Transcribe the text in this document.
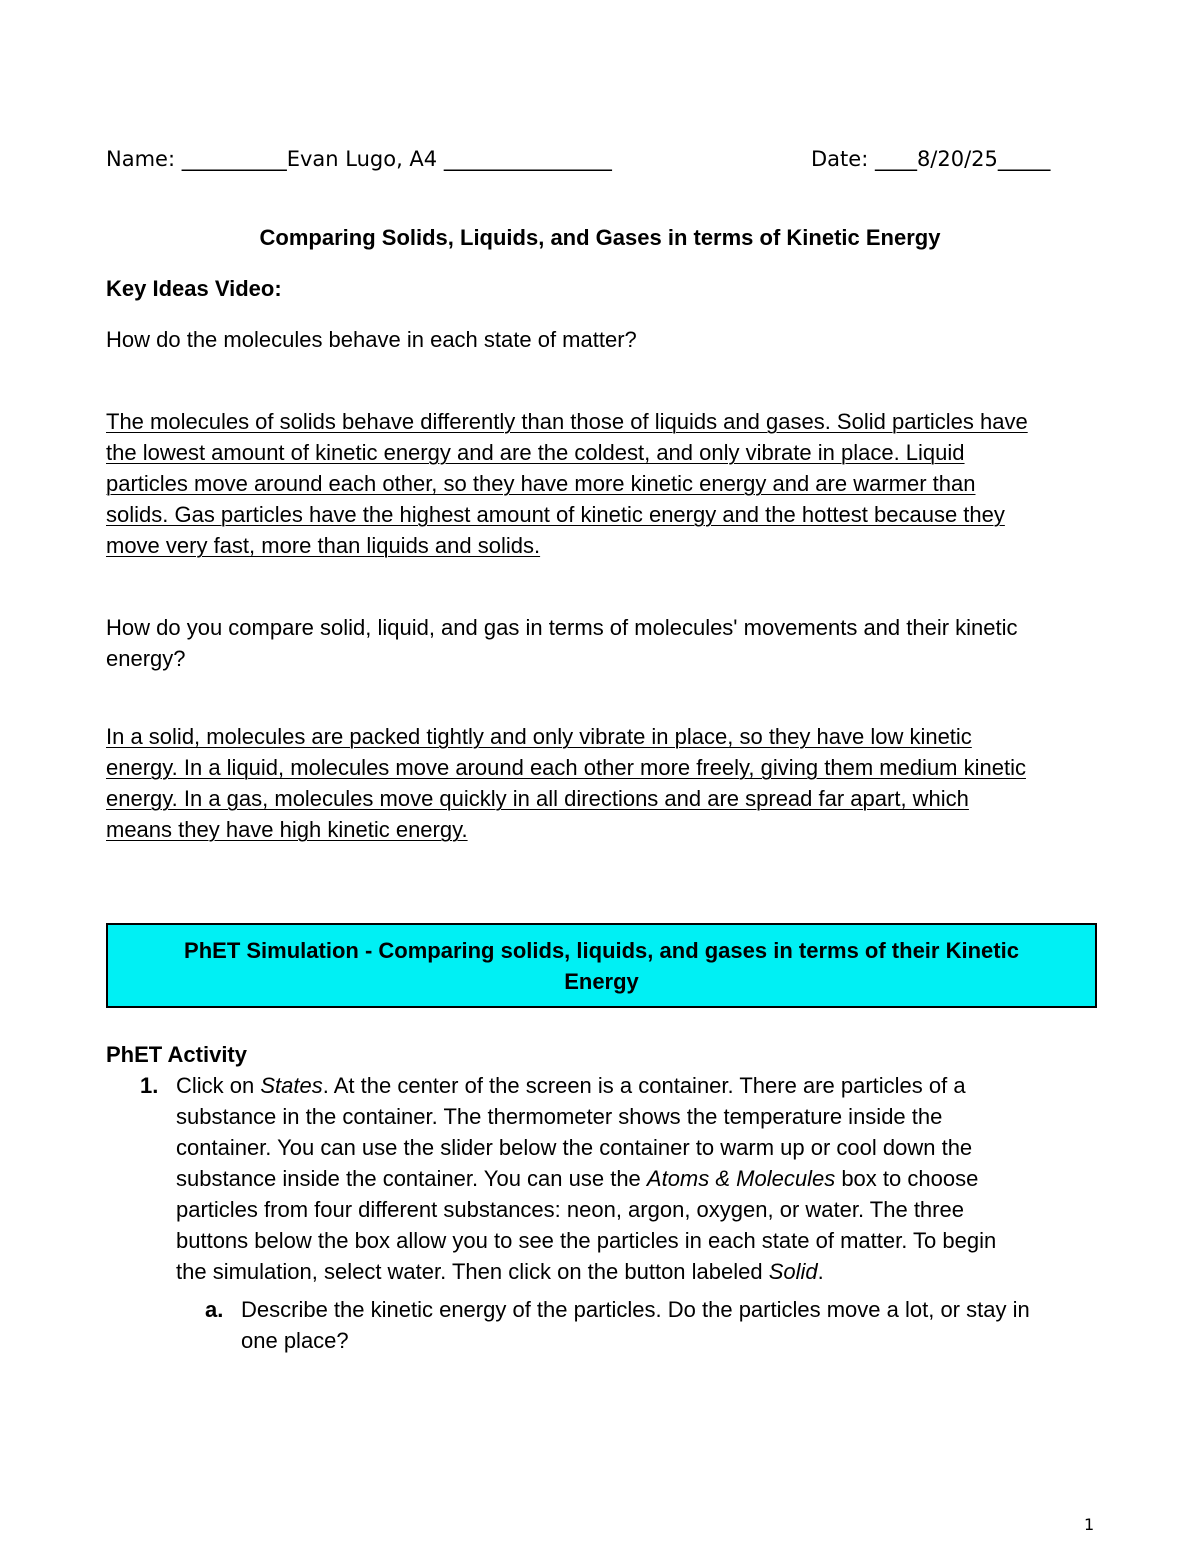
Name: __________Evan Lugo, A4 ________________	Date: ____8/20/25_____
Comparing Solids, Liquids, and Gases in terms of Kinetic Energy
Key Ideas Video:
How do the molecules behave in each state of matter?
The molecules of solids behave differently than those of liquids and gases. Solid particles have
the lowest amount of kinetic energy and are the coldest, and only vibrate in place. Liquid
particles move around each other, so they have more kinetic energy and are warmer than
solids. Gas particles have the highest amount of kinetic energy and the hottest because they
move very fast, more than liquids and solids.
How do you compare solid, liquid, and gas in terms of molecules' movements and their kinetic
energy?
In a solid, molecules are packed tightly and only vibrate in place, so they have low kinetic
energy. In a liquid, molecules move around each other more freely, giving them medium kinetic
energy. In a gas, molecules move quickly in all directions and are spread far apart, which
means they have high kinetic energy.
PhET Simulation - Comparing solids, liquids, and gases in terms of their Kinetic
Energy
PhET Activity
1. Click on States. At the center of the screen is a container. There are particles of a
substance in the container. The thermometer shows the temperature inside the
container. You can use the slider below the container to warm up or cool down the
substance inside the container. You can use the Atoms & Molecules box to choose
particles from four different substances: neon, argon, oxygen, or water. The three
buttons below the box allow you to see the particles in each state of matter. To begin
the simulation, select water. Then click on the button labeled Solid.
a. Describe the kinetic energy of the particles. Do the particles move a lot, or stay in
one place?
1
